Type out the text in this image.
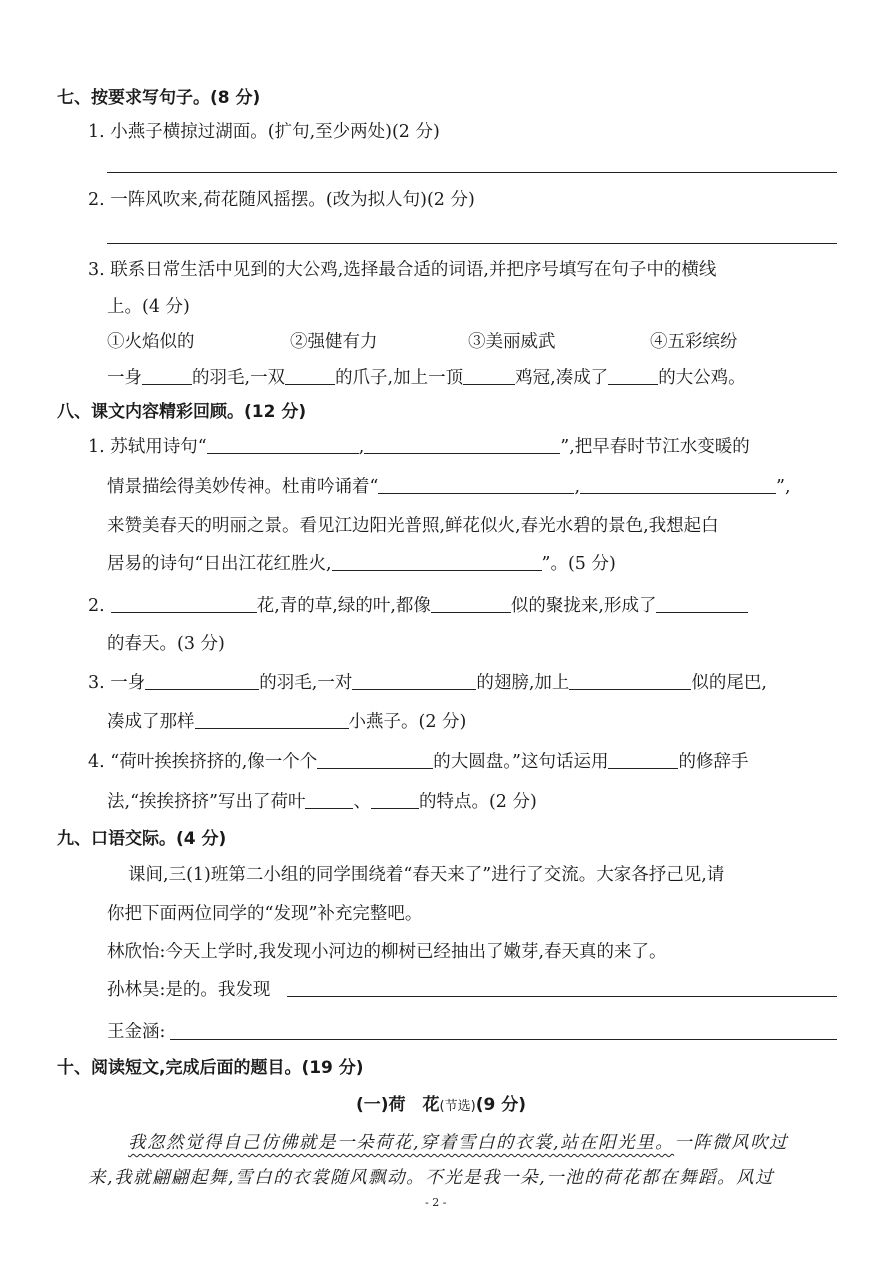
七、按要求写句子。(8 分)
1. 小燕子横掠过湖面。(扩句,至少两处)(2 分)
2. 一阵风吹来,荷花随风摇摆。(改为拟人句)(2 分)
3. 联系日常生活中见到的大公鸡,选择最合适的词语,并把序号填写在句子中的横线
上。(4 分)
①火焰似的	②强健有力	③美丽威武	④五彩缤纷
一身	的羽毛,一双	的爪子,加上一顶	鸡冠,凑成了	的大公鸡。
八、课文内容精彩回顾。(12 分)
1. 苏轼用诗句“	,	”,把早春时节江水变暖的
情景描绘得美妙传神。杜甫吟诵着“	,	”,
来赞美春天的明丽之景。看见江边阳光普照,鲜花似火,春光水碧的景色,我想起白
居易的诗句“日出江花红胜火,	”。(5 分)
2.	花,青的草,绿的叶,都像	似的聚拢来,形成了
的春天。(3 分)
3. 一身	的羽毛,一对	的翅膀,加上	似的尾巴,
凑成了那样	小燕子。(2 分)
4. “荷叶挨挨挤挤的,像一个个	的大圆盘。”这句话运用	的修辞手
法,“挨挨挤挤”写出了荷叶	、	的特点。(2 分)
九、口语交际。(4 分)
课间,三(1)班第二小组的同学围绕着“春天来了”进行了交流。大家各抒己见,请
你把下面两位同学的“发现”补充完整吧。
林欣怡:今天上学时,我发现小河边的柳树已经抽出了嫩芽,春天真的来了。
孙林昊:是的。我发现
王金涵:
十、阅读短文,完成后面的题目。(19 分)
(一)荷　花(节选)(9 分)
我忽然觉得自己仿佛就是一朵荷花,穿着雪白的衣裳,站在阳光里。一阵微风吹过
来,我就翩翩起舞,雪白的衣裳随风飘动。不光是我一朵,一池的荷花都在舞蹈。风过
- 2 -
